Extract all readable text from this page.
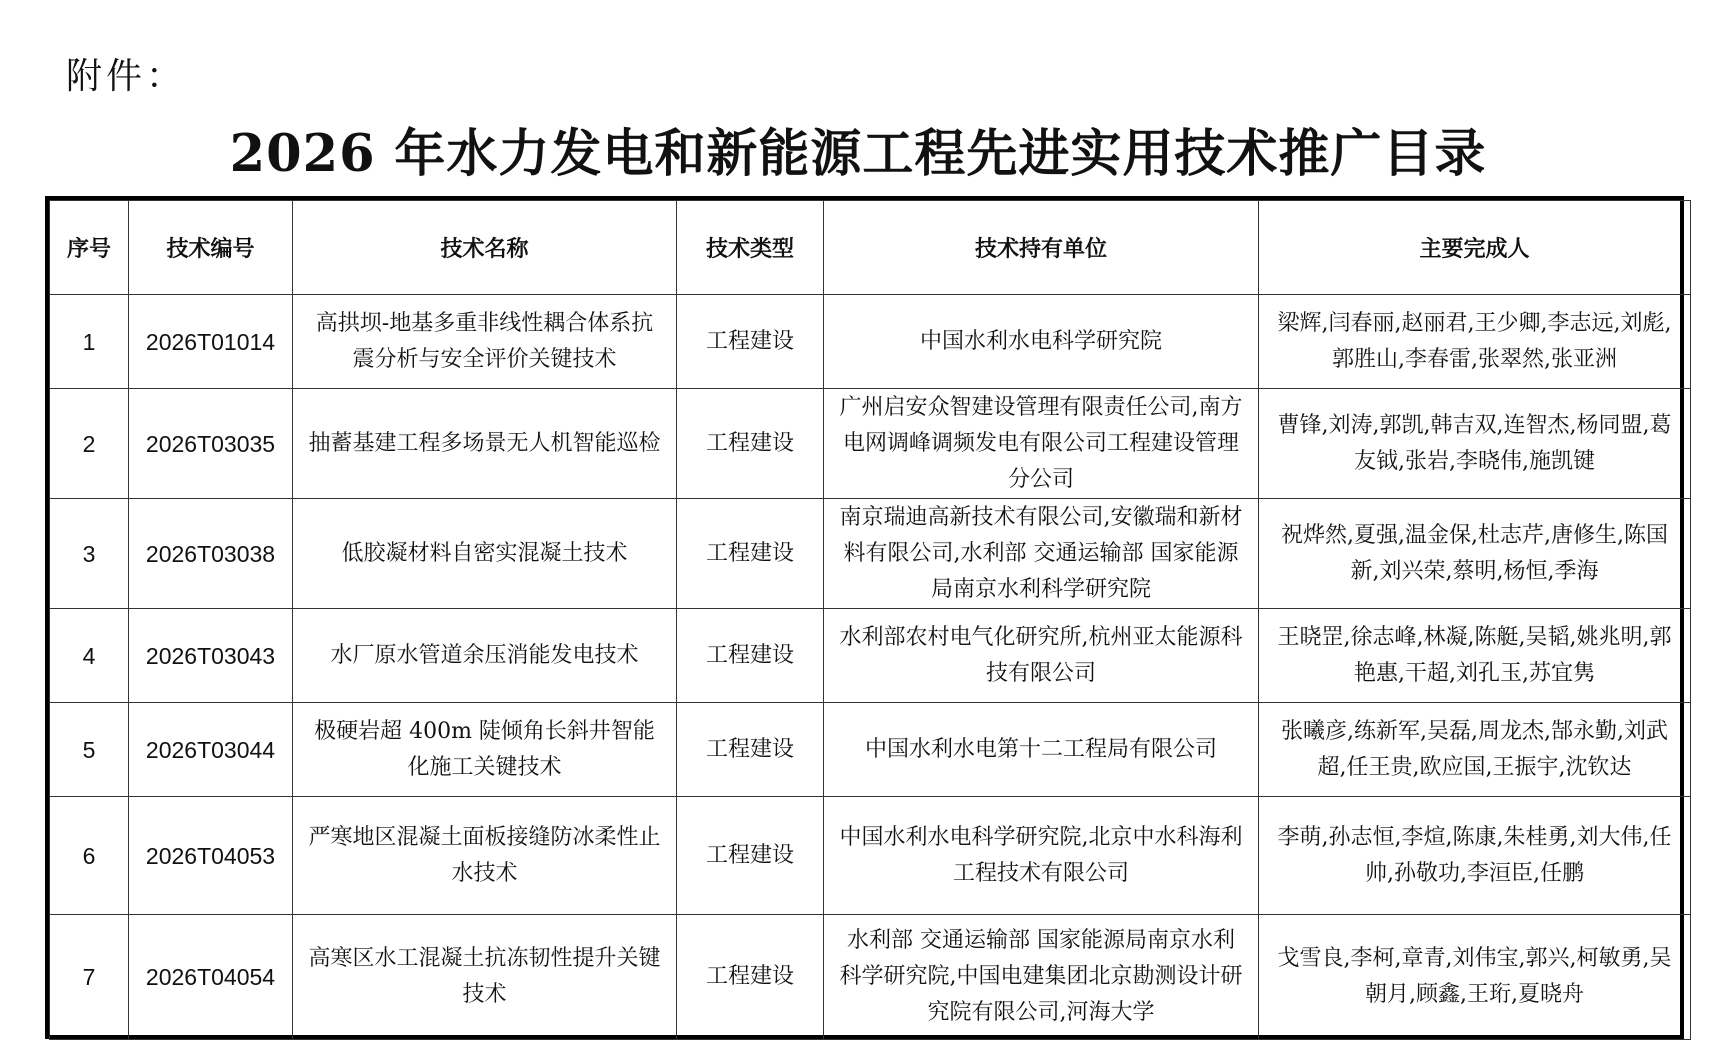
附件：
2026 年水力发电和新能源工程先进实用技术推广目录
序号	技术编号	技术名称	技术类型	技术持有单位	主要完成人
1	2026T01014	高拱坝-地基多重非线性耦合体系抗震分析与安全评价关键技术	工程建设	中国水利水电科学研究院	梁辉,闫春丽,赵丽君,王少卿,李志远,刘彪,郭胜山,李春雷,张翠然,张亚洲
2	2026T03035	抽蓄基建工程多场景无人机智能巡检	工程建设	广州启安众智建设管理有限责任公司,南方电网调峰调频发电有限公司工程建设管理分公司	曹锋,刘涛,郭凯,韩吉双,连智杰,杨同盟,葛友钺,张岩,李晓伟,施凯键
3	2026T03038	低胶凝材料自密实混凝土技术	工程建设	南京瑞迪高新技术有限公司,安徽瑞和新材料有限公司,水利部 交通运输部 国家能源局南京水利科学研究院	祝烨然,夏强,温金保,杜志芹,唐修生,陈国新,刘兴荣,蔡明,杨恒,季海
4	2026T03043	水厂原水管道余压消能发电技术	工程建设	水利部农村电气化研究所,杭州亚太能源科技有限公司	王晓罡,徐志峰,林凝,陈艇,吴韬,姚兆明,郭艳惠,干超,刘孔玉,苏宜隽
5	2026T03044	极硬岩超 400m 陡倾角长斜井智能化施工关键技术	工程建设	中国水利水电第十二工程局有限公司	张曦彦,练新军,吴磊,周龙杰,郜永勤,刘武超,任王贵,欧应国,王振宇,沈钦达
6	2026T04053	严寒地区混凝土面板接缝防冰柔性止水技术	工程建设	中国水利水电科学研究院,北京中水科海利工程技术有限公司	李萌,孙志恒,李煊,陈康,朱桂勇,刘大伟,任帅,孙敬功,李洹臣,任鹏
7	2026T04054	高寒区水工混凝土抗冻韧性提升关键技术	工程建设	水利部 交通运输部 国家能源局南京水利科学研究院,中国电建集团北京勘测设计研究院有限公司,河海大学	戈雪良,李柯,章青,刘伟宝,郭兴,柯敏勇,吴朝月,顾鑫,王珩,夏晓舟
